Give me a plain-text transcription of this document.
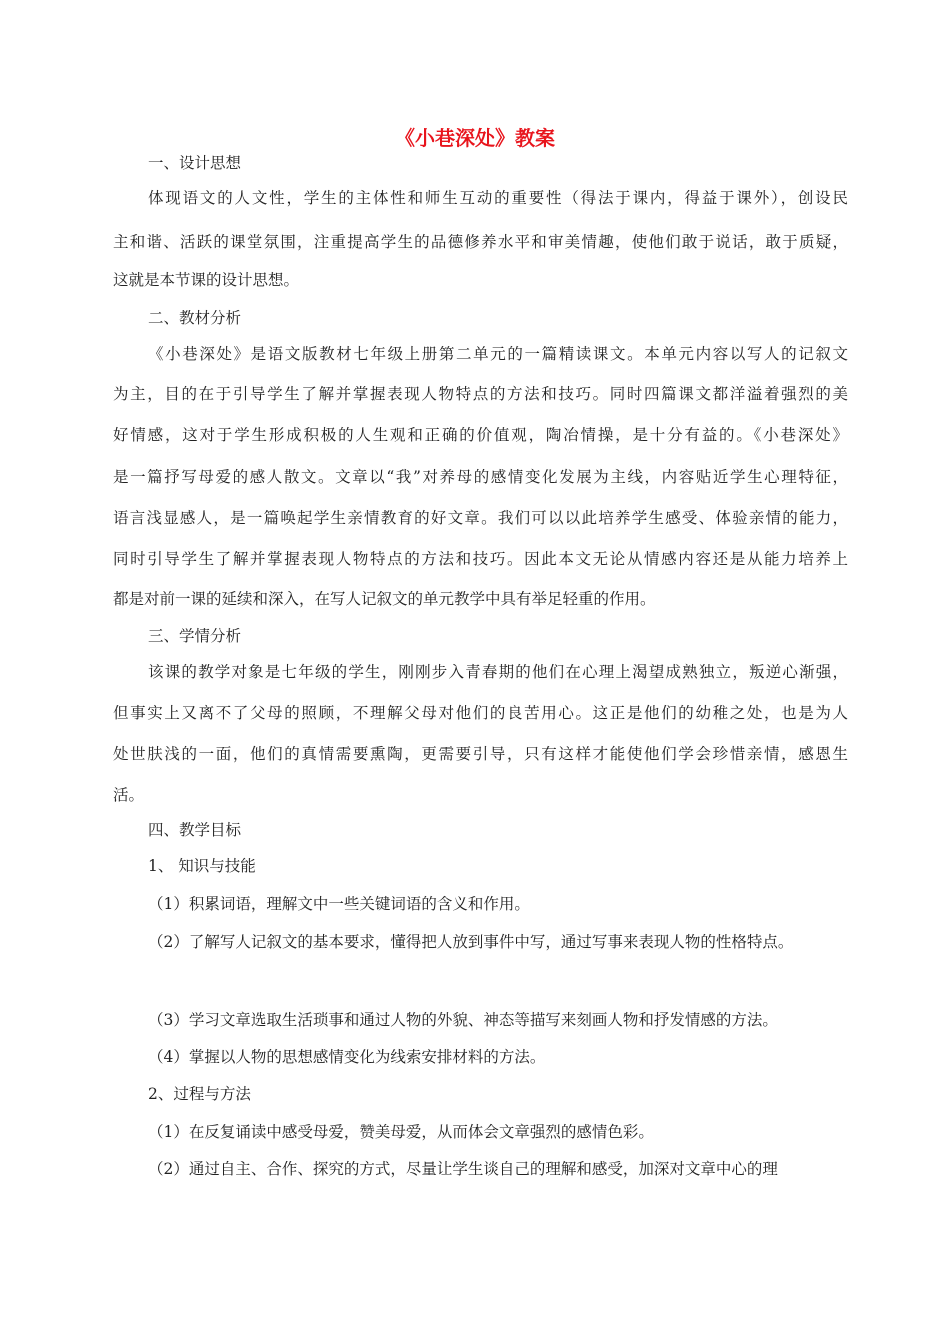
《小巷深处》教案
一、设计思想
体现语文的人文性，学生的主体性和师生互动的重要性（得法于课内，得益于课外），创设民
主和谐、活跃的课堂氛围，注重提高学生的品德修养水平和审美情趣，使他们敢于说话，敢于质疑，
这就是本节课的设计思想。
二、教材分析
《小巷深处》是语文版教材七年级上册第二单元的一篇精读课文。本单元内容以写人的记叙文
为主，目的在于引导学生了解并掌握表现人物特点的方法和技巧。同时四篇课文都洋溢着强烈的美
好情感，这对于学生形成积极的人生观和正确的价值观，陶冶情操，是十分有益的。《小巷深处》
是一篇抒写母爱的感人散文。文章以“我”对养母的感情变化发展为主线，内容贴近学生心理特征，
语言浅显感人，是一篇唤起学生亲情教育的好文章。我们可以以此培养学生感受、体验亲情的能力，
同时引导学生了解并掌握表现人物特点的方法和技巧。因此本文无论从情感内容还是从能力培养上
都是对前一课的延续和深入，在写人记叙文的单元教学中具有举足轻重的作用。
三、学情分析
该课的教学对象是七年级的学生，刚刚步入青春期的他们在心理上渴望成熟独立，叛逆心渐强，
但事实上又离不了父母的照顾，不理解父母对他们的良苦用心。这正是他们的幼稚之处，也是为人
处世肤浅的一面，他们的真情需要熏陶，更需要引导，只有这样才能使他们学会珍惜亲情，感恩生
活。
四、教学目标
1、 知识与技能
（1）积累词语，理解文中一些关键词语的含义和作用。
（2）了解写人记叙文的基本要求，懂得把人放到事件中写，通过写事来表现人物的性格特点。
（3）学习文章选取生活琐事和通过人物的外貌、神态等描写来刻画人物和抒发情感的方法。
（4）掌握以人物的思想感情变化为线索安排材料的方法。
2、过程与方法
（1）在反复诵读中感受母爱，赞美母爱，从而体会文章强烈的感情色彩。
（2）通过自主、合作、探究的方式，尽量让学生谈自己的理解和感受，加深对文章中心的理
